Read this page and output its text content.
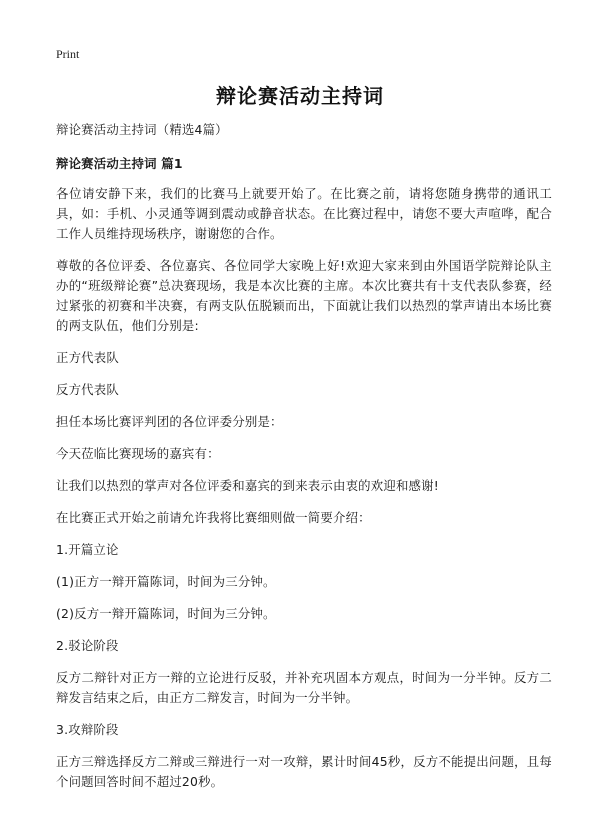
Print
辩论赛活动主持词

辩论赛活动主持词（精选4篇）

辩论赛活动主持词 篇1

各位请安静下来，我们的比赛马上就要开始了。在比赛之前，请将您随身携带的通讯工具，如：手机、小灵通等调到震动或静音状态。在比赛过程中，请您不要大声喧哗，配合工作人员维持现场秩序，谢谢您的合作。

尊敬的各位评委、各位嘉宾、各位同学大家晚上好!欢迎大家来到由外国语学院辩论队主办的“班级辩论赛”总决赛现场，我是本次比赛的主席。本次比赛共有十支代表队参赛，经过紧张的初赛和半决赛，有两支队伍脱颖而出，下面就让我们以热烈的掌声请出本场比赛的两支队伍，他们分别是:

正方代表队

反方代表队

担任本场比赛评判团的各位评委分别是：

今天莅临比赛现场的嘉宾有：

让我们以热烈的掌声对各位评委和嘉宾的到来表示由衷的欢迎和感谢!

在比赛正式开始之前请允许我将比赛细则做一简要介绍：

1.开篇立论

(1)正方一辩开篇陈词，时间为三分钟。

(2)反方一辩开篇陈词，时间为三分钟。

2.驳论阶段

反方二辩针对正方一辩的立论进行反驳，并补充巩固本方观点，时间为一分半钟。反方二辩发言结束之后，由正方二辩发言，时间为一分半钟。

3.攻辩阶段

正方三辩选择反方二辩或三辩进行一对一攻辩，累计时间45秒，反方不能提出问题，且每个问题回答时间不超过20秒。
